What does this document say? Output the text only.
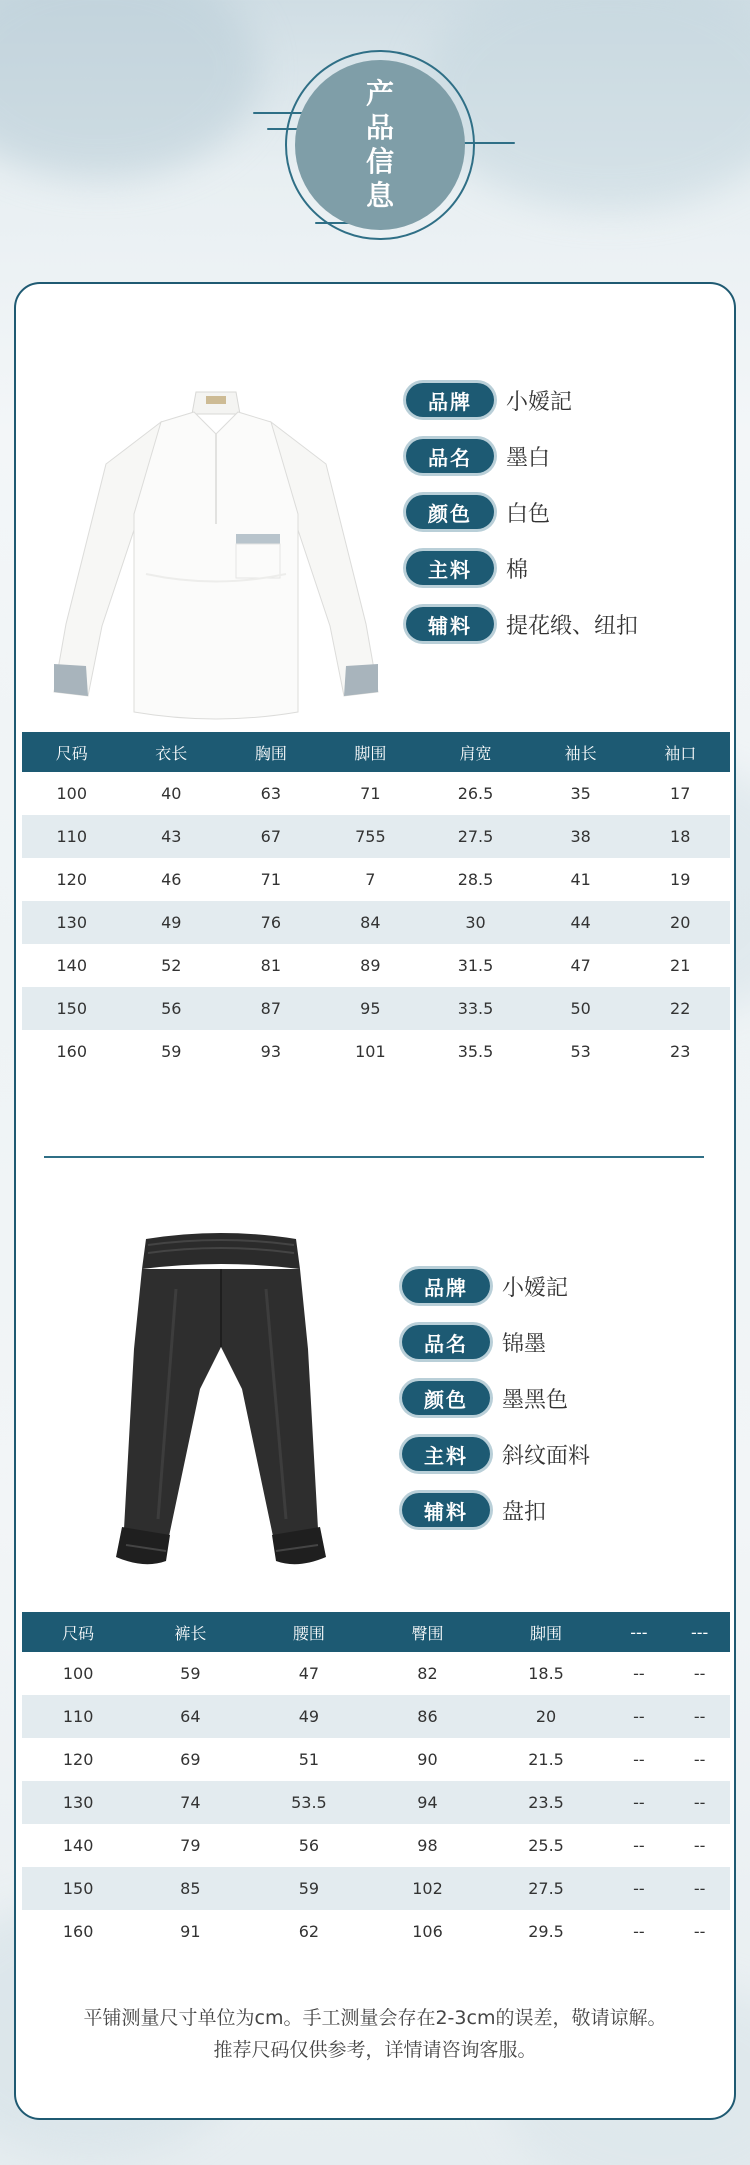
产
品
信
息
品牌	小嫒記
品名	墨白
颜色	白色
主料	棉
辅料	提花缎、纽扣
尺码	衣长	胸围	脚围	肩宽	袖长	袖口
100	40	63	71	26.5	35	17
110	43	67	755	27.5	38	18
120	46	71	7	28.5	41	19
130	49	76	84	30	44	20
140	52	81	89	31.5	47	21
150	56	87	95	33.5	50	22
160	59	93	101	35.5	53	23
品牌	小嫒記
品名	锦墨
颜色	墨黑色
主料	斜纹面料
辅料	盘扣
尺码	裤长	腰围	臀围	脚围	---	---
100	59	47	82	18.5	--	--
110	64	49	86	20	--	--
120	69	51	90	21.5	--	--
130	74	53.5	94	23.5	--	--
140	79	56	98	25.5	--	--
150	85	59	102	27.5	--	--
160	91	62	106	29.5	--	--
平铺测量尺寸单位为cm。手工测量会存在2-3cm的误差，敬请谅解。
推荐尺码仅供参考，详情请咨询客服。
